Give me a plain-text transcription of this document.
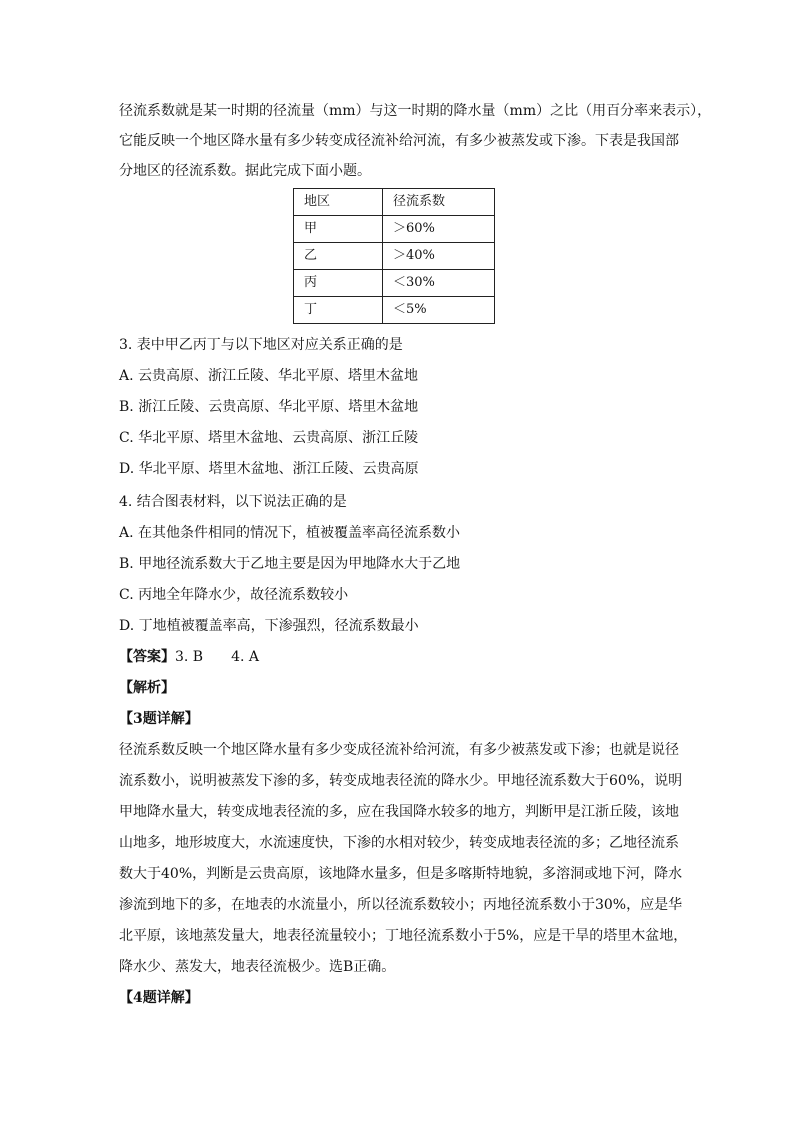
径流系数就是某一时期的径流量（mm）与这一时期的降水量（mm）之比（用百分率来表示），
它能反映一个地区降水量有多少转变成径流补给河流，有多少被蒸发或下渗。下表是我国部
分地区的径流系数。据此完成下面小题。
地区	径流系数
甲	＞60%
乙	＞40%
丙	＜30%
丁	＜5%
3. 表中甲乙丙丁与以下地区对应关系正确的是
A. 云贵高原、浙江丘陵、华北平原、塔里木盆地
B. 浙江丘陵、云贵高原、华北平原、塔里木盆地
C. 华北平原、塔里木盆地、云贵高原、浙江丘陵
D. 华北平原、塔里木盆地、浙江丘陵、云贵高原
4. 结合图表材料，以下说法正确的是
A. 在其他条件相同的情况下，植被覆盖率高径流系数小
B. 甲地径流系数大于乙地主要是因为甲地降水大于乙地
C. 丙地全年降水少，故径流系数较小
D. 丁地植被覆盖率高，下渗强烈，径流系数最小
【答案】3. B 4. A
【解析】
【3题详解】
径流系数反映一个地区降水量有多少变成径流补给河流，有多少被蒸发或下渗；也就是说径
流系数小，说明被蒸发下渗的多，转变成地表径流的降水少。甲地径流系数大于60%，说明
甲地降水量大，转变成地表径流的多，应在我国降水较多的地方，判断甲是江浙丘陵，该地
山地多，地形坡度大，水流速度快，下渗的水相对较少，转变成地表径流的多；乙地径流系
数大于40%，判断是云贵高原，该地降水量多，但是多喀斯特地貌，多溶洞或地下河，降水
渗流到地下的多，在地表的水流量小，所以径流系数较小；丙地径流系数小于30%，应是华
北平原，该地蒸发量大，地表径流量较小；丁地径流系数小于5%，应是干旱的塔里木盆地，
降水少、蒸发大，地表径流极少。选B正确。
【4题详解】
